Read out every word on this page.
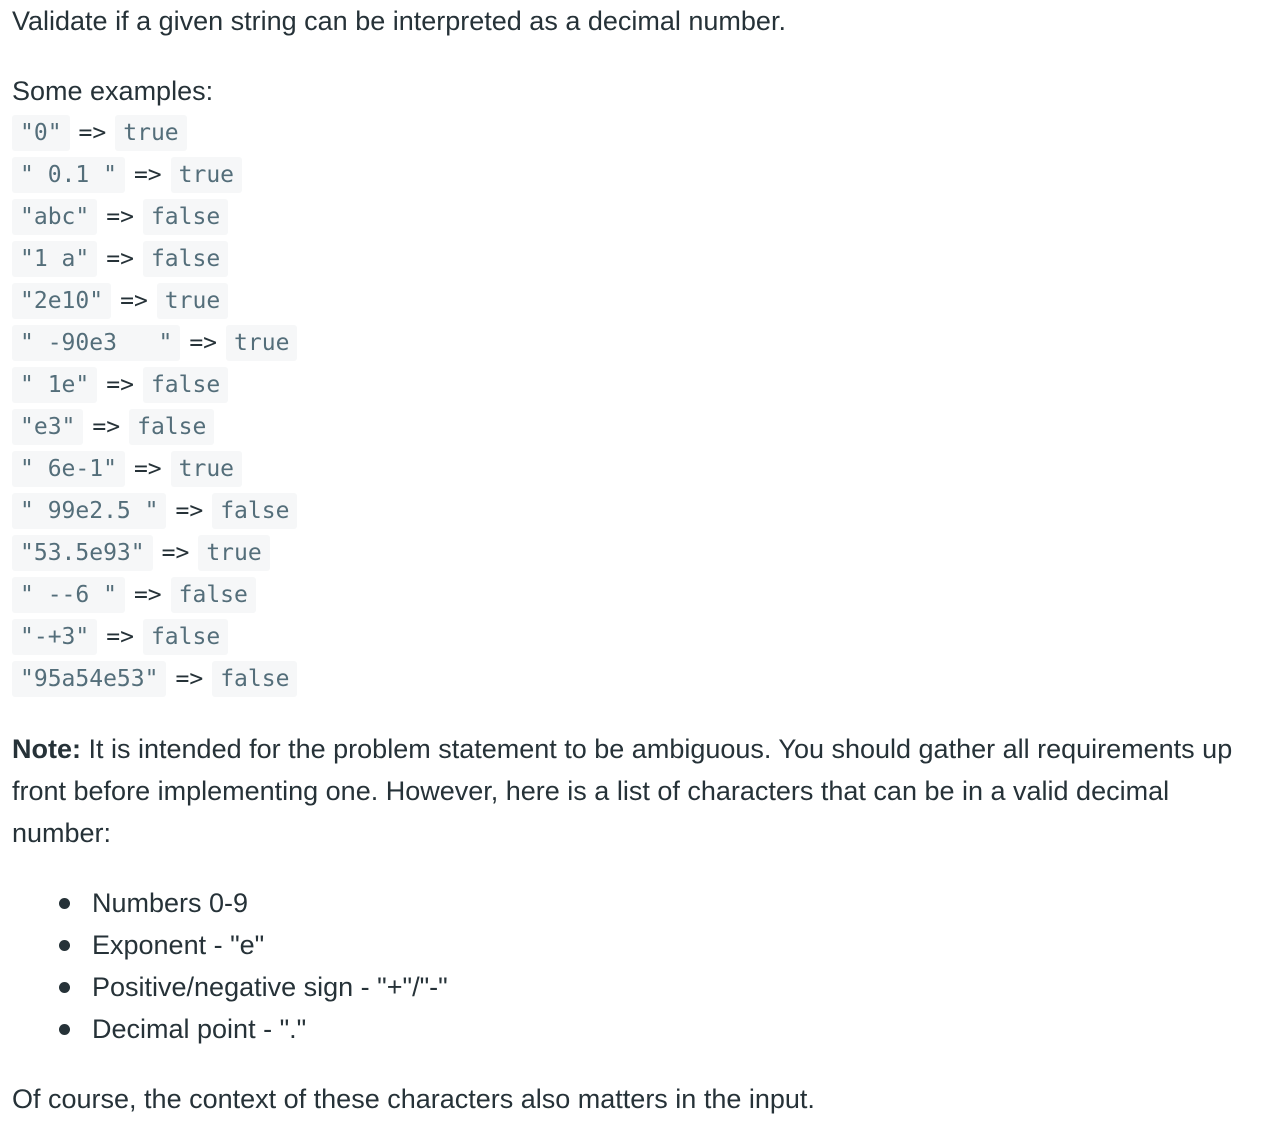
Validate if a given string can be interpreted as a decimal number.

Some examples:

"0" => true
" 0.1 " => true
"abc" => false
"1 a" => false
"2e10" => true
" -90e3   " => true
" 1e" => false
"e3" => false
" 6e-1" => true
" 99e2.5 " => false
"53.5e93" => true
" --6 " => false
"-+3" => false
"95a54e53" => false

Note: It is intended for the problem statement to be ambiguous. You should gather all requirements up front before implementing one. However, here is a list of characters that can be in a valid decimal number:

Numbers 0-9
Exponent - "e"
Positive/negative sign - "+"/"-"
Decimal point - "."

Of course, the context of these characters also matters in the input.
